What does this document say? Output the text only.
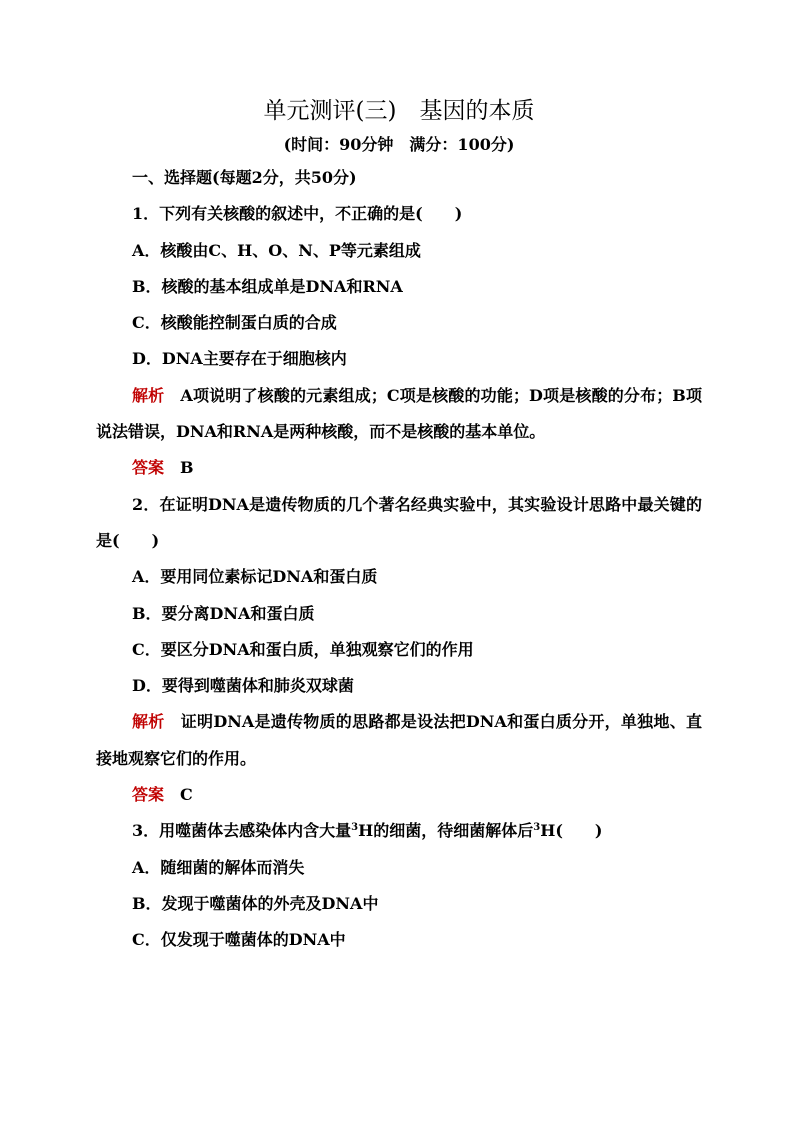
单元测评(三)　基因的本质
(时间：90分钟　满分：100分)
一、选择题(每题2分，共50分)
1．下列有关核酸的叙述中，不正确的是(　　)
A．核酸由C、H、O、N、P等元素组成
B．核酸的基本组成单是DNA和RNA
C．核酸能控制蛋白质的合成
D．DNA主要存在于细胞核内
解析 A项说明了核酸的元素组成；C项是核酸的功能；D项是核酸的分布；B项说法错误，DNA和RNA是两种核酸，而不是核酸的基本单位。
答案 B
2．在证明DNA是遗传物质的几个著名经典实验中，其实验设计思路中最关键的是(　　)
A．要用同位素标记DNA和蛋白质
B．要分离DNA和蛋白质
C．要区分DNA和蛋白质，单独观察它们的作用
D．要得到噬菌体和肺炎双球菌
解析 证明DNA是遗传物质的思路都是设法把DNA和蛋白质分开，单独地、直接地观察它们的作用。
答案 C
3．用噬菌体去感染体内含大量$^3$H的细菌，待细菌解体后$^3$H(　　)
A．随细菌的解体而消失
B．发现于噬菌体的外壳及DNA中
C．仅发现于噬菌体的DNA中
